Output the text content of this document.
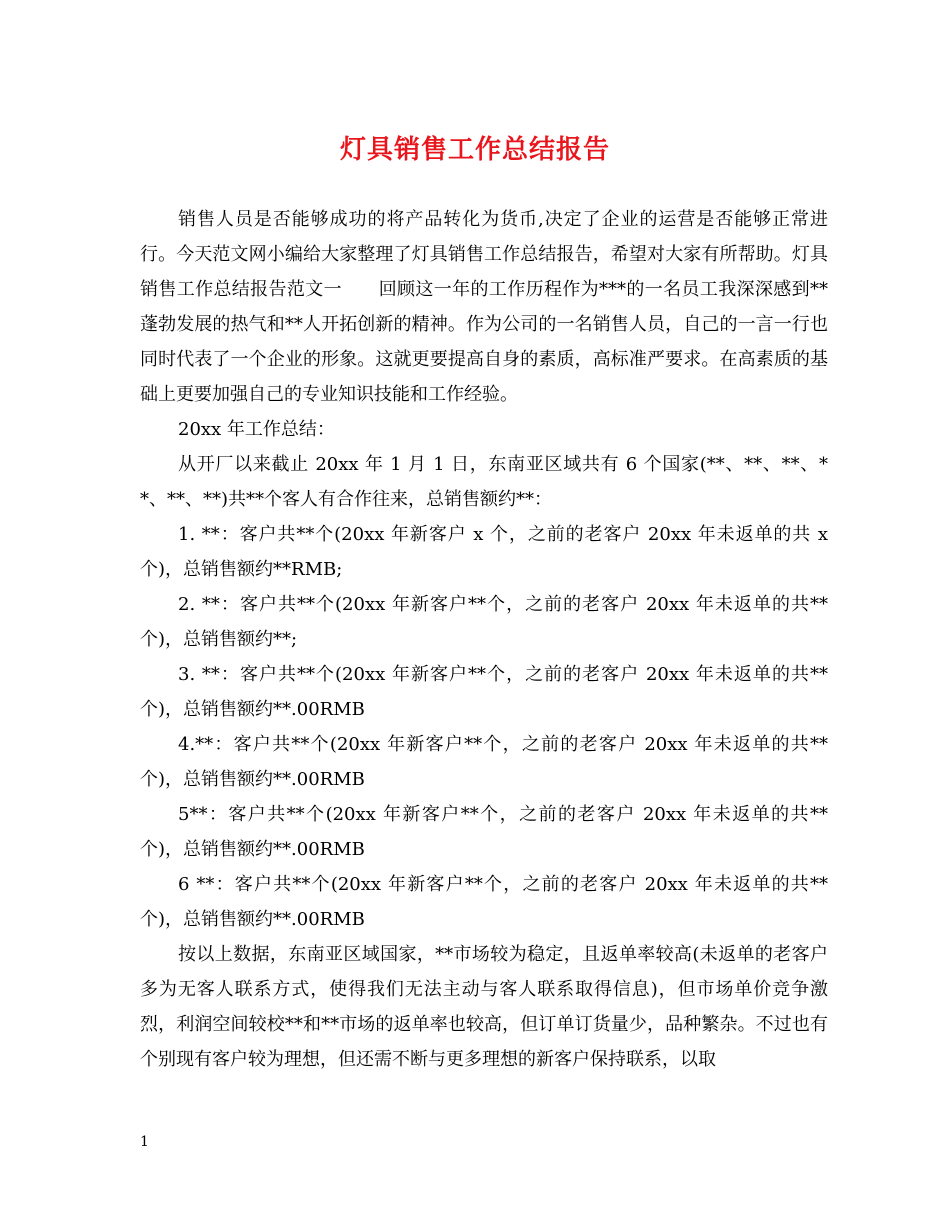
灯具销售工作总结报告

销售人员是否能够成功的将产品转化为货币,决定了企业的运营是否能够正常进行。今天范文网小编给大家整理了灯具销售工作总结报告，希望对大家有所帮助。灯具销售工作总结报告范文一　　回顾这一年的工作历程作为***的一名员工我深深感到**蓬勃发展的热气和**人开拓创新的精神。作为公司的一名销售人员，自己的一言一行也同时代表了一个企业的形象。这就更要提高自身的素质，高标准严要求。在高素质的基础上更要加强自己的专业知识技能和工作经验。

20xx 年工作总结：

从开厂以来截止 20xx 年 1 月 1 日，东南亚区域共有 6 个国家(**、**、**、**、**、**)共**个客人有合作往来，总销售额约**：

1. **：客户共**个(20xx 年新客户 x 个，之前的老客户 20xx 年未返单的共 x 个)，总销售额约**RMB;

2. **：客户共**个(20xx 年新客户**个，之前的老客户 20xx 年未返单的共**个)，总销售额约**;

3. **：客户共**个(20xx 年新客户**个，之前的老客户 20xx 年未返单的共**个)，总销售额约**.00RMB

4.**：客户共**个(20xx 年新客户**个，之前的老客户 20xx 年未返单的共**个)，总销售额约**.00RMB

5**：客户共**个(20xx 年新客户**个，之前的老客户 20xx 年未返单的共**个)，总销售额约**.00RMB

6 **：客户共**个(20xx 年新客户**个，之前的老客户 20xx 年未返单的共**个)，总销售额约**.00RMB

按以上数据，东南亚区域国家，**市场较为稳定，且返单率较高(未返单的老客户多为无客人联系方式，使得我们无法主动与客人联系取得信息)，但市场单价竞争激烈，利润空间较校**和**市场的返单率也较高，但订单订货量少，品种繁杂。不过也有个别现有客户较为理想，但还需不断与更多理想的新客户保持联系，以取

1
